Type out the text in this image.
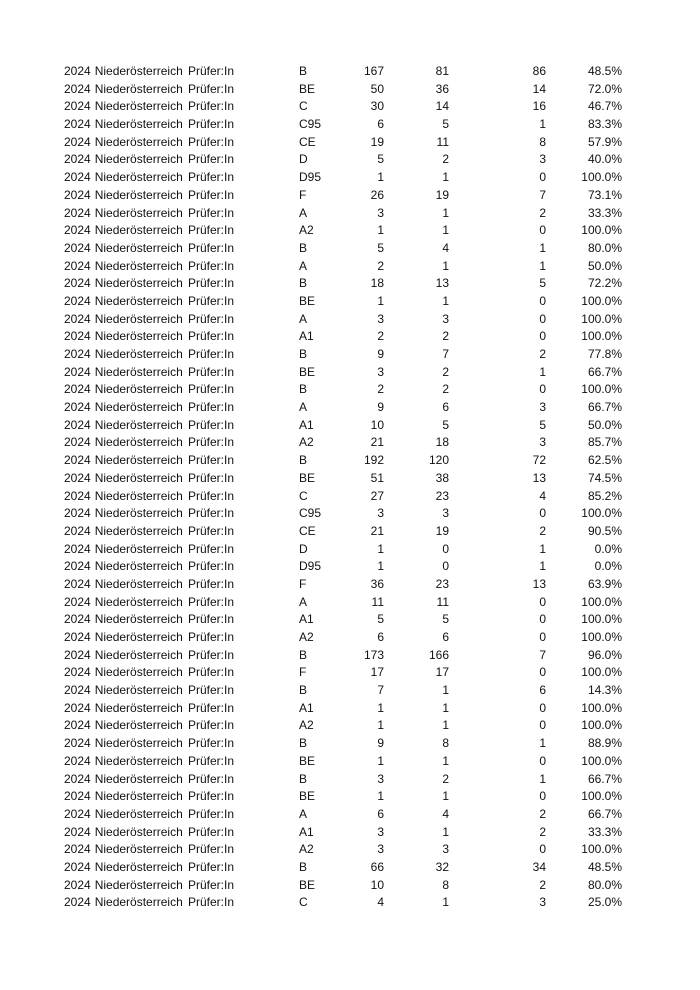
2024 Niederösterreich Prüfer:In	B	167	81	86	48.5%
2024 Niederösterreich Prüfer:In	BE	50	36	14	72.0%
2024 Niederösterreich Prüfer:In	C	30	14	16	46.7%
2024 Niederösterreich Prüfer:In	C95	6	5	1	83.3%
2024 Niederösterreich Prüfer:In	CE	19	11	8	57.9%
2024 Niederösterreich Prüfer:In	D	5	2	3	40.0%
2024 Niederösterreich Prüfer:In	D95	1	1	0	100.0%
2024 Niederösterreich Prüfer:In	F	26	19	7	73.1%
2024 Niederösterreich Prüfer:In	A	3	1	2	33.3%
2024 Niederösterreich Prüfer:In	A2	1	1	0	100.0%
2024 Niederösterreich Prüfer:In	B	5	4	1	80.0%
2024 Niederösterreich Prüfer:In	A	2	1	1	50.0%
2024 Niederösterreich Prüfer:In	B	18	13	5	72.2%
2024 Niederösterreich Prüfer:In	BE	1	1	0	100.0%
2024 Niederösterreich Prüfer:In	A	3	3	0	100.0%
2024 Niederösterreich Prüfer:In	A1	2	2	0	100.0%
2024 Niederösterreich Prüfer:In	B	9	7	2	77.8%
2024 Niederösterreich Prüfer:In	BE	3	2	1	66.7%
2024 Niederösterreich Prüfer:In	B	2	2	0	100.0%
2024 Niederösterreich Prüfer:In	A	9	6	3	66.7%
2024 Niederösterreich Prüfer:In	A1	10	5	5	50.0%
2024 Niederösterreich Prüfer:In	A2	21	18	3	85.7%
2024 Niederösterreich Prüfer:In	B	192	120	72	62.5%
2024 Niederösterreich Prüfer:In	BE	51	38	13	74.5%
2024 Niederösterreich Prüfer:In	C	27	23	4	85.2%
2024 Niederösterreich Prüfer:In	C95	3	3	0	100.0%
2024 Niederösterreich Prüfer:In	CE	21	19	2	90.5%
2024 Niederösterreich Prüfer:In	D	1	0	1	0.0%
2024 Niederösterreich Prüfer:In	D95	1	0	1	0.0%
2024 Niederösterreich Prüfer:In	F	36	23	13	63.9%
2024 Niederösterreich Prüfer:In	A	11	11	0	100.0%
2024 Niederösterreich Prüfer:In	A1	5	5	0	100.0%
2024 Niederösterreich Prüfer:In	A2	6	6	0	100.0%
2024 Niederösterreich Prüfer:In	B	173	166	7	96.0%
2024 Niederösterreich Prüfer:In	F	17	17	0	100.0%
2024 Niederösterreich Prüfer:In	B	7	1	6	14.3%
2024 Niederösterreich Prüfer:In	A1	1	1	0	100.0%
2024 Niederösterreich Prüfer:In	A2	1	1	0	100.0%
2024 Niederösterreich Prüfer:In	B	9	8	1	88.9%
2024 Niederösterreich Prüfer:In	BE	1	1	0	100.0%
2024 Niederösterreich Prüfer:In	B	3	2	1	66.7%
2024 Niederösterreich Prüfer:In	BE	1	1	0	100.0%
2024 Niederösterreich Prüfer:In	A	6	4	2	66.7%
2024 Niederösterreich Prüfer:In	A1	3	1	2	33.3%
2024 Niederösterreich Prüfer:In	A2	3	3	0	100.0%
2024 Niederösterreich Prüfer:In	B	66	32	34	48.5%
2024 Niederösterreich Prüfer:In	BE	10	8	2	80.0%
2024 Niederösterreich Prüfer:In	C	4	1	3	25.0%
